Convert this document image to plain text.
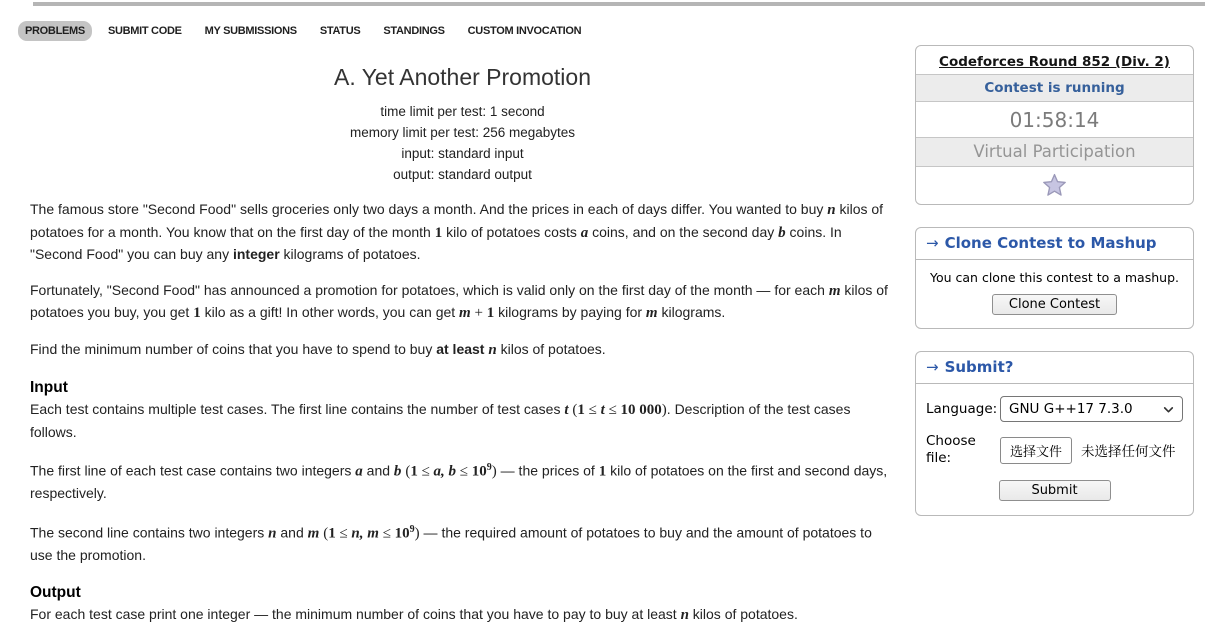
PROBLEMS	SUBMIT CODE	MY SUBMISSIONS	STATUS	STANDINGS	CUSTOM INVOCATION
A. Yet Another Promotion
time limit per test: 1 second
memory limit per test: 256 megabytes
input: standard input
output: standard output
The famous store "Second Food" sells groceries only two days a month. And the prices in each of days differ. You wanted to buy n kilos of potatoes for a month. You know that on the first day of the month 1 kilo of potatoes costs a coins, and on the second day b coins. In "Second Food" you can buy any integer kilograms of potatoes.
Fortunately, "Second Food" has announced a promotion for potatoes, which is valid only on the first day of the month — for each m kilos of potatoes you buy, you get 1 kilo as a gift! In other words, you can get m + 1 kilograms by paying for m kilograms.
Find the minimum number of coins that you have to spend to buy at least n kilos of potatoes.
Input
Each test contains multiple test cases. The first line contains the number of test cases t (1 ≤ t ≤ 10 000). Description of the test cases follows.
The first line of each test case contains two integers a and b (1 ≤ a, $b \le 10^9$) — the prices of 1 kilo of potatoes on the first and second days, respectively.
The second line contains two integers n and m (1 ≤ n, $m \le 10^9$) — the required amount of potatoes to buy and the amount of potatoes to use the promotion.
Output
For each test case print one integer — the minimum number of coins that you have to pay to buy at least n kilos of potatoes.
Codeforces Round 852 (Div. 2)
Contest is running
01:58:14
Virtual Participation
→ Clone Contest to Mashup
You can clone this contest to a mashup.
Clone Contest
→ Submit?
Language: GNU G++17 7.3.0
Choose file:	选择文件	未选择任何文件
Submit
